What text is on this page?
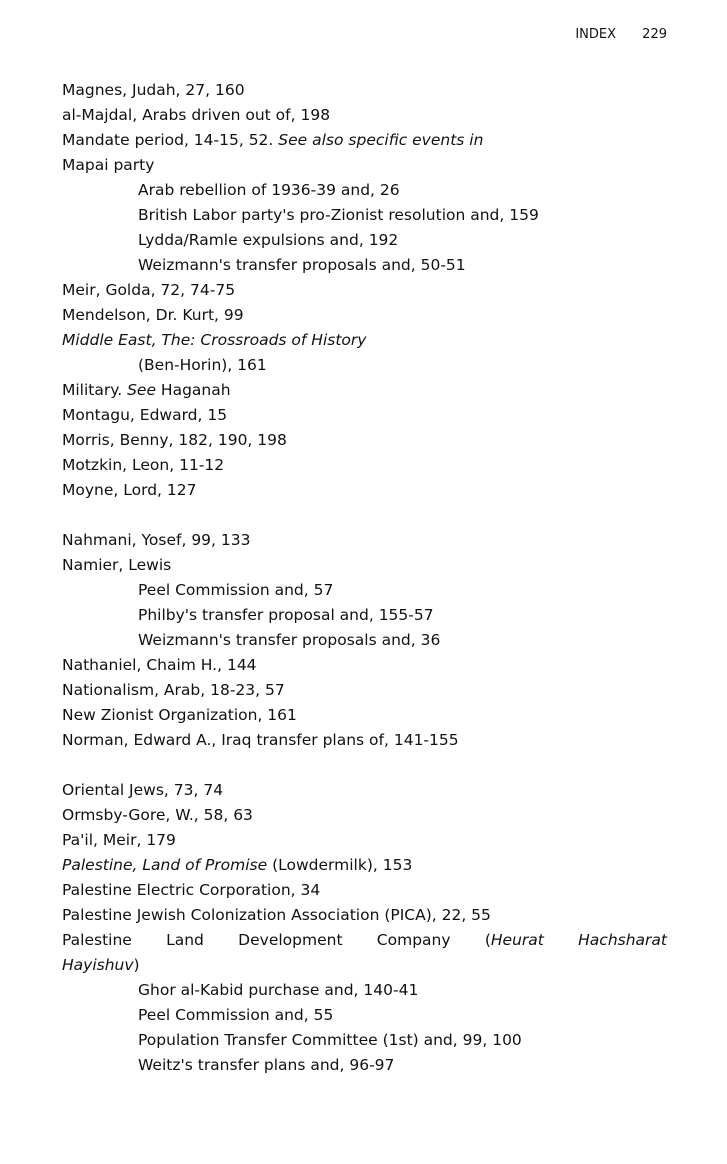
INDEX 229
Magnes, Judah, 27, 160
al-Majdal, Arabs driven out of, 198
Mandate period, 14-15, 52. See also specific events in
Mapai party
Arab rebellion of 1936-39 and, 26
British Labor party's pro-Zionist resolution and, 159
Lydda/Ramle expulsions and, 192
Weizmann's transfer proposals and, 50-51
Meir, Golda, 72, 74-75
Mendelson, Dr. Kurt, 99
Middle East, The: Crossroads of History
(Ben-Horin), 161
Military. See Haganah
Montagu, Edward, 15
Morris, Benny, 182, 190, 198
Motzkin, Leon, 11-12
Moyne, Lord, 127
Nahmani, Yosef, 99, 133
Namier, Lewis
Peel Commission and, 57
Philby's transfer proposal and, 155-57
Weizmann's transfer proposals and, 36
Nathaniel, Chaim H., 144
Nationalism, Arab, 18-23, 57
New Zionist Organization, 161
Norman, Edward A., Iraq transfer plans of, 141-155
Oriental Jews, 73, 74
Ormsby-Gore, W., 58, 63
Pa'il, Meir, 179
Palestine, Land of Promise (Lowdermilk), 153
Palestine Electric Corporation, 34
Palestine Jewish Colonization Association (PICA), 22, 55
Palestine Land Development Company (Heurat Hachsharat
Hayishuv)
Ghor al-Kabid purchase and, 140-41
Peel Commission and, 55
Population Transfer Committee (1st) and, 99, 100
Weitz's transfer plans and, 96-97
